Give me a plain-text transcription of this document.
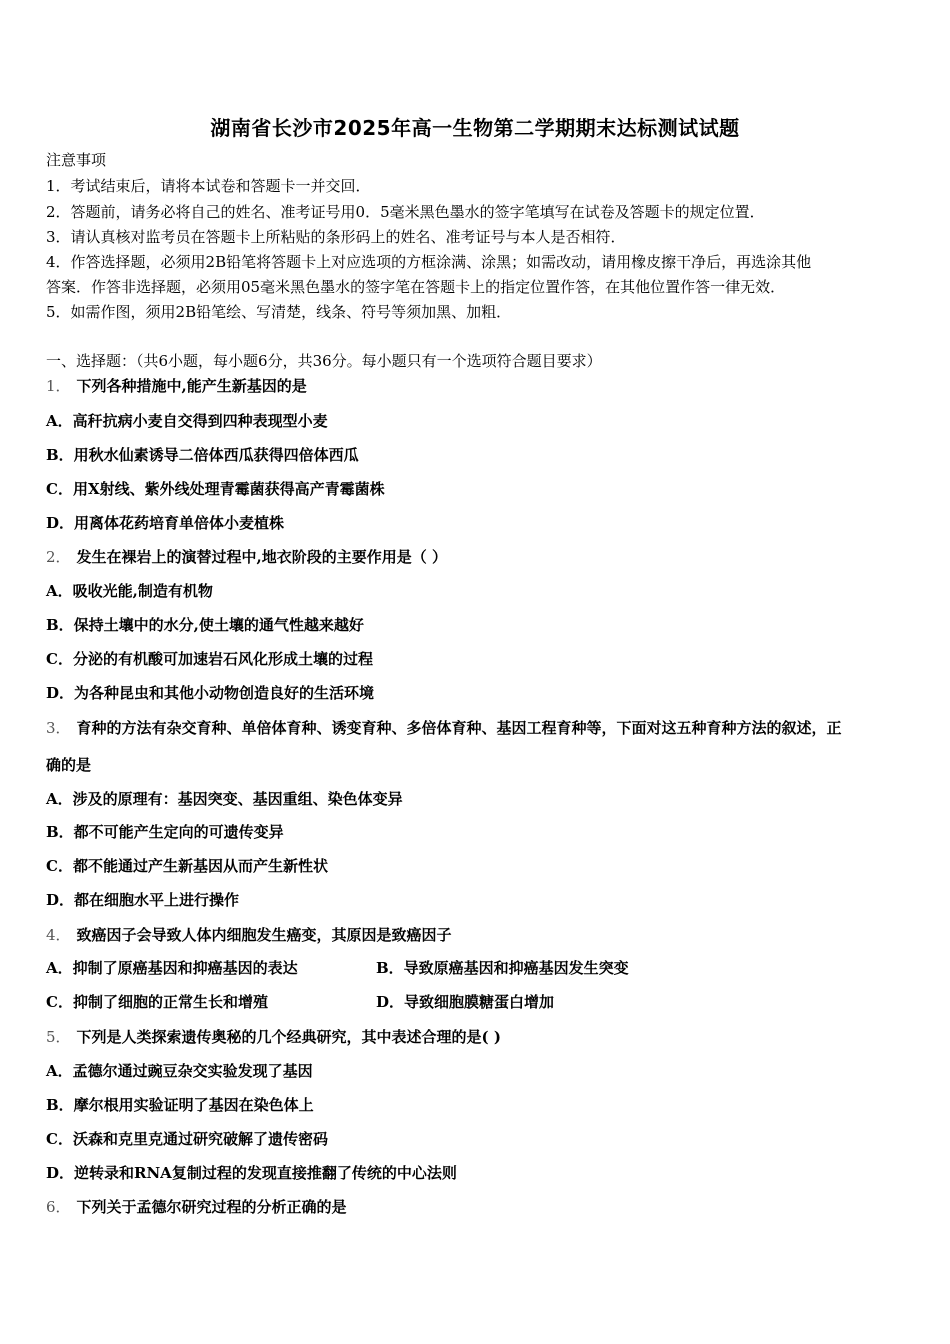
湖南省长沙市2025年高一生物第二学期期末达标测试试题
注意事项
1．考试结束后，请将本试卷和答题卡一并交回．
2．答题前，请务必将自己的姓名、准考证号用0．5毫米黑色墨水的签字笔填写在试卷及答题卡的规定位置．
3．请认真核对监考员在答题卡上所粘贴的条形码上的姓名、准考证号与本人是否相符．
4．作答选择题，必须用2B铅笔将答题卡上对应选项的方框涂满、涂黑；如需改动，请用橡皮擦干净后，再选涂其他
答案．作答非选择题，必须用05毫米黑色墨水的签字笔在答题卡上的指定位置作答，在其他位置作答一律无效．
5．如需作图，须用2B铅笔绘、写清楚，线条、符号等须加黑、加粗．
一、选择题：（共6小题，每小题6分，共36分。每小题只有一个选项符合题目要求）
1． 下列各种措施中,能产生新基因的是
A．高秆抗病小麦自交得到四种表现型小麦
B．用秋水仙素诱导二倍体西瓜获得四倍体西瓜
C．用X射线、紫外线处理青霉菌获得高产青霉菌株
D．用离体花药培育单倍体小麦植株
2． 发生在裸岩上的演替过程中,地衣阶段的主要作用是（ ）
A．吸收光能,制造有机物
B．保持土壤中的水分,使土壤的通气性越来越好
C．分泌的有机酸可加速岩石风化形成土壤的过程
D．为各种昆虫和其他小动物创造良好的生活环境
3． 育种的方法有杂交育种、单倍体育种、诱变育种、多倍体育种、基因工程育种等，下面对这五种育种方法的叙述，正
确的是
A．涉及的原理有：基因突变、基因重组、染色体变异
B．都不可能产生定向的可遗传变异
C．都不能通过产生新基因从而产生新性状
D．都在细胞水平上进行操作
4． 致癌因子会导致人体内细胞发生癌变，其原因是致癌因子
A．抑制了原癌基因和抑癌基因的表达	B．导致原癌基因和抑癌基因发生突变
C．抑制了细胞的正常生长和增殖	D．导致细胞膜糖蛋白增加
5． 下列是人类探索遗传奥秘的几个经典研究，其中表述合理的是( )
A．孟德尔通过豌豆杂交实验发现了基因
B．摩尔根用实验证明了基因在染色体上
C．沃森和克里克通过研究破解了遗传密码
D．逆转录和RNA复制过程的发现直接推翻了传统的中心法则
6． 下列关于孟德尔研究过程的分析正确的是
